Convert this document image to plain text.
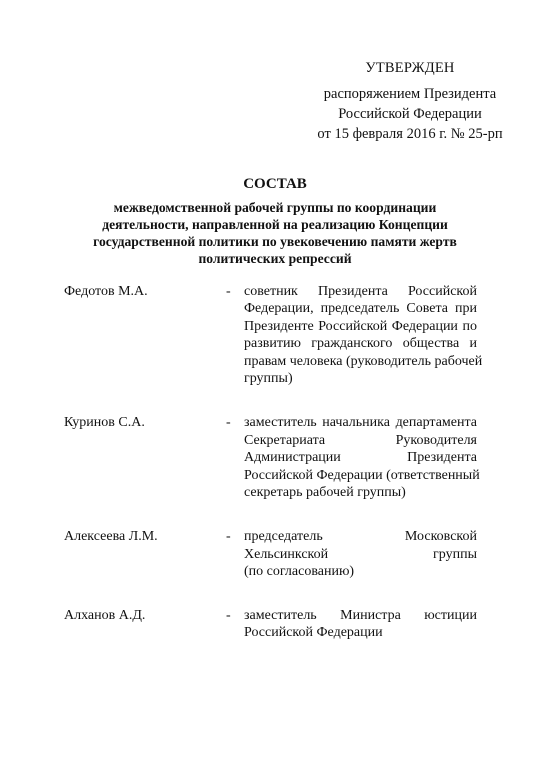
УТВЕРЖДЕН
распоряжением Президента
Российской Федерации
от 15 февраля 2016 г. № 25-рп
СОСТАВ
межведомственной рабочей группы по координации
деятельности, направленной на реализацию Концепции
государственной политики по увековечению памяти жертв
политических репрессий
Федотов М.А.	- советник Президента Российской
Федерации, председатель Совета при
Президенте Российской Федерации по
развитию гражданского общества и
правам человека (руководитель рабочей
группы)
Куринов С.А.	- заместитель начальника департамента
Секретариата Руководителя
Администрации Президента
Российской Федерации (ответственный
секретарь рабочей группы)
Алексеева Л.М.	- председатель Московской
Хельсинкской группы
(по согласованию)
Алханов А.Д.	- заместитель Министра юстиции
Российской Федерации
